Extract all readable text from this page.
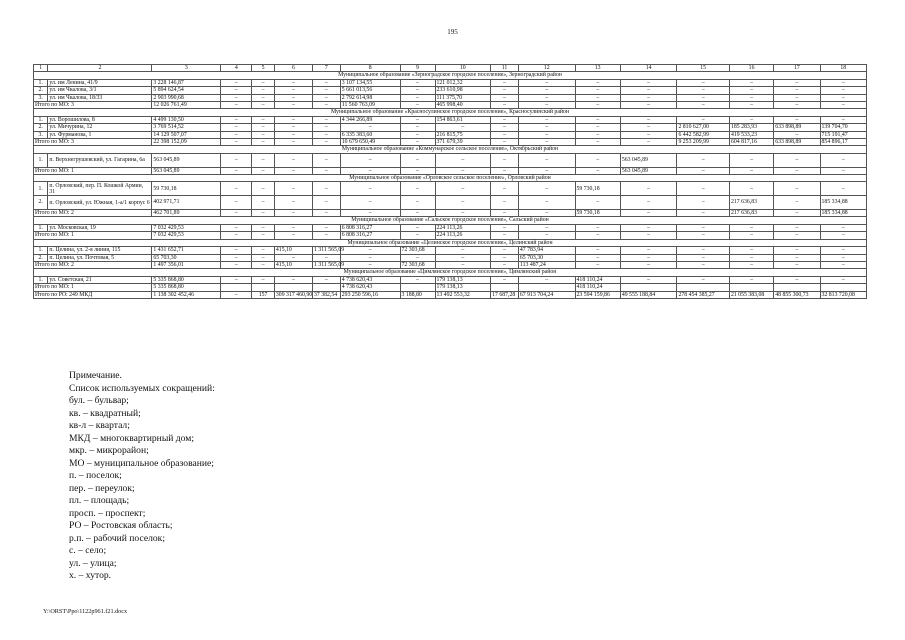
195
1	2	3	4	5	6	7	8	9	10	11	12	13	14	15	16	17	18
Муниципальное образование «Зерноградское городское поселение», Зерноградский район																	
1.	ул. им Ленина, 41/9	3 228 146,87	–	–	–	–	3 107 134,55	–	121 012,32	–	–	–	–	–	–	–	–
2.	ул. им Чкалова, 3/1	5 894 624,54	–	–	–	–	5 661 013,56	–	233 610,98	–	–	–	–	–	–	–	–
3.	ул. им Чкалова, 18/33	2 903 990,68	–	–	–	–	2 792 614,98	–	111 375,70	–	–	–	–	–	–	–	–
Итого по МО: 3		12 026 761,49	–	–	–	–	11 560 763,09	–	465 998,40	–	–	–	–	–	–	–	–
Муниципальное образование «Красносулинское городское поселение», Красносулинский район																	
1.	ул. Ворошилова, 8	4 499 130,50	–	–	–	–	4 344 266,89	–	154 863,61	–	–	–	–	–	–	–	–
2.	ул. Мичурина, 12	3 769 514,52	–	–	–	–	–	–	–	–	–	–	–	2 810 627,00	185 283,93	633 898,89	139 704,70
3.	ул. Фурманова, 1	14 129 507,07	–	–	–	–	6 335 383,60	–	216 815,75	–	–	–	–	6 442 582,99	419 533,23	–	715 191,47
Итого по МО: 3		22 398 152,09	–	–	–	–	10 679 650,49	–	371 679,39	–	–	–	–	9 253 209,99	604 817,16	633 898,89	854 896,17
Муниципальное образование «Коммунарское сельское поселение», Октябрьский район																	
1.	п. Верхнегрушевский, ул. Гагарина, 6а	563 045,89	–	–	–	–	–	–	–	–	–	–	563 045,89	–	–	–	–
Итого по МО: 1		563 045,89	–	–	–	–	–	–	–	–	–	–	563 045,89	–	–	–	–
Муниципальное образование «Орловское сельское поселение», Орловский район																	
1.	п. Орловский, пер. П. Кошкой Армии, 31	59 730,18	–	–	–	–	–	–	–	–	–	59 730,18	–	–	–	–	–
2.	п. Орловский, ул. Южная, 1-а/1 корпус 6	402 971,71	–	–	–	–	–	–	–	–	–	–	–	–	217 636,83	–	185 334,88
Итого по МО: 2		462 701,89	–	–	–	–	–	–	–	–	–	59 730,18	–	–	217 636,83	–	185 334,88
Муниципальное образование «Сальское городское поселение», Сальский район																	
1.	ул. Московская, 19	7 032 429,53	–	–	–	–	6 808 316,27	–	224 113,26	–	–	–	–	–	–	–	–
Итого по МО: 1		7 032 429,53	–	–	–	–	6 808 316,27	–	224 113,26	–	–	–	–	–	–	–	–
Муниципальное образование «Целинское городское поселение», Целинский район																	
1.	п. Целина, ул. 2-я линия, 115	1 431 652,71	–	–	415,10	1 311 565,09	–	72 303,68	–	–	47 783,94	–	–	–	–	–	–
2.	п. Целина, ул. Почтовая, 5	65 703,30	–	–	–	–	–	–	–	–	65 703,30	–	–	–	–	–	–
Итого по МО: 2		1 497 356,01	–	–	415,10	1 311 565,09	–	72 303,68	–	–	113 487,24	–	–	–	–	–	–
Муниципальное образование «Цимлянское городское поселение», Цимлянский район																	
1.	ул. Советская, 21	5 335 868,80	–	–	–	–	4 738 620,43	–	179 138,13	–	–	418 110,24	–	–	–	–	–
Итого по МО: 1		5 335 868,80					4 738 620,43		179 138,13			418 110,24					
Итого по РО: 249 МКД		1 138 302 452,46	–	157	309 317 460,90	37 382,54	293 250 596,16	3 188,80	13 492 553,32	17 687,28	67 913 704,24	23 594 159,86	49 555 188,84	278 454 385,27	21 055 383,08	48 855 300,73	32 813 720,08
Примечание.
Список используемых сокращений:
бул. – бульвар;
кв. – квадратный;
кв-л – квартал;
МКД – многоквартирный дом;
мкр. – микрорайон;
МО – муниципальное образование;
п. – поселок;
пер. – переулок;
пл. – площадь;
просп. – проспект;
РО – Ростовская область;
р.п. – рабочий поселок;
с. – село;
ул. – улица;
х. – хутор.
Y:\ORST\Ppo\1122p961.f21.docx
